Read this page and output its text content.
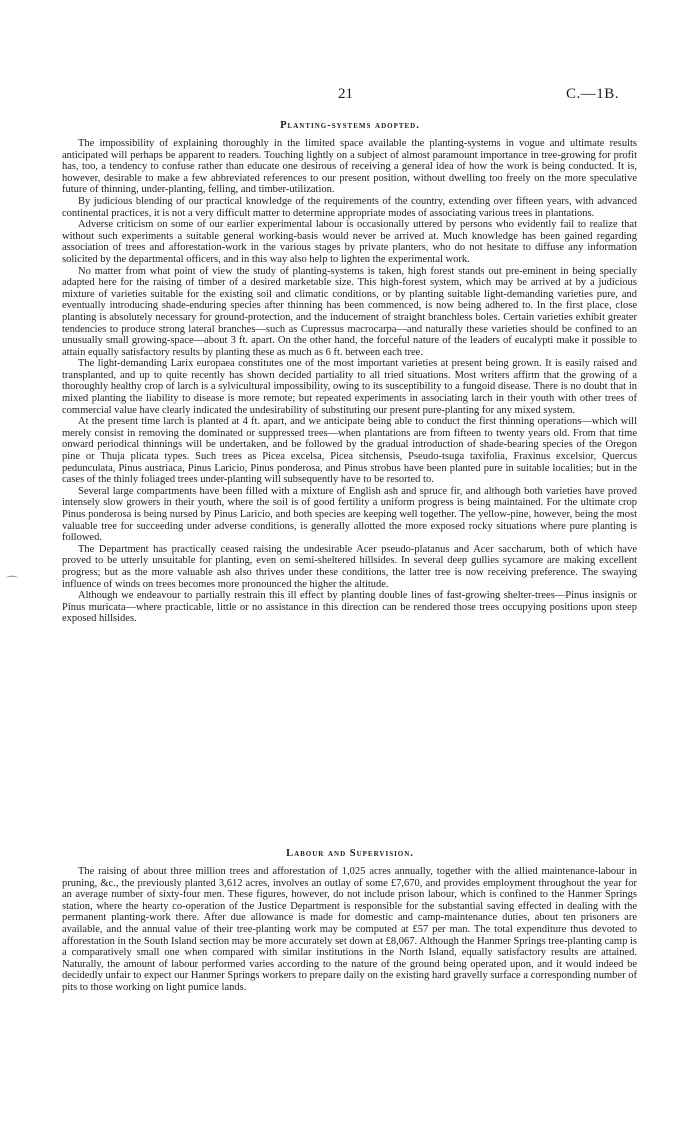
21	C.—1B.
Planting-systems adopted.

The impossibility of explaining thoroughly in the limited space available the planting-systems in vogue and ultimate results anticipated will perhaps be apparent to readers. Touching lightly on a subject of almost paramount importance in tree-growing for profit has, too, a tendency to confuse rather than educate one desirous of receiving a general idea of how the work is being conducted. It is, however, desirable to make a few abbreviated references to our present position, without dwelling too freely on the more speculative future of thinning, under-planting, felling, and timber-utilization.

By judicious blending of our practical knowledge of the requirements of the country, extending over fifteen years, with advanced continental practices, it is not a very difficult matter to determine appropriate modes of associating various trees in plantations.

Adverse criticism on some of our earlier experimental labour is occasionally uttered by persons who evidently fail to realize that without such experiments a suitable general working-basis would never be arrived at. Much knowledge has been gained regarding association of trees and afforestation-work in the various stages by private planters, who do not hesitate to diffuse any information solicited by the departmental officers, and in this way also help to lighten the experimental work.

No matter from what point of view the study of planting-systems is taken, high forest stands out pre-eminent in being specially adapted here for the raising of timber of a desired marketable size. This high-forest system, which may be arrived at by a judicious mixture of varieties suitable for the existing soil and climatic conditions, or by planting suitable light-demanding varieties pure, and eventually introducing shade-enduring species after thinning has been commenced, is now being adhered to. In the first place, close planting is absolutely necessary for ground-protection, and the inducement of straight branchless boles. Certain varieties exhibit greater tendencies to produce strong lateral branches—such as Cupressus macrocarpa—and naturally these varieties should be confined to an unusually small growing-space—about 3 ft. apart. On the other hand, the forceful nature of the leaders of eucalypti make it possible to attain equally satisfactory results by planting these as much as 6 ft. between each tree.

The light-demanding Larix europaea constitutes one of the most important varieties at present being grown. It is easily raised and transplanted, and up to quite recently has shown decided partiality to all tried situations. Most writers affirm that the growing of a thoroughly healthy crop of larch is a sylvicultural impossibility, owing to its susceptibility to a fungoid disease. There is no doubt that in mixed planting the liability to disease is more remote; but repeated experiments in associating larch in their youth with other trees of commercial value have clearly indicated the undesirability of substituting our present pure-planting for any mixed system.

At the present time larch is planted at 4 ft. apart, and we anticipate being able to conduct the first thinning operations—which will merely consist in removing the dominated or suppressed trees—when plantations are from fifteen to twenty years old. From that time onward periodical thinnings will be undertaken, and be followed by the gradual introduction of shade-bearing species of the Oregon pine or Thuja plicata types. Such trees as Picea excelsa, Picea sitchensis, Pseudo-tsuga taxifolia, Fraxinus excelsior, Quercus pedunculata, Pinus austriaca, Pinus Laricio, Pinus ponderosa, and Pinus strobus have been planted pure in suitable localities; but in the cases of the thinly foliaged trees under-planting will subsequently have to be resorted to.

Several large compartments have been filled with a mixture of English ash and spruce fir, and although both varieties have proved intensely slow growers in their youth, where the soil is of good fertility a uniform progress is being maintained. For the ultimate crop Pinus ponderosa is being nursed by Pinus Laricio, and both species are keeping well together. The yellow-pine, however, being the most valuable tree for succeeding under adverse conditions, is generally allotted the more exposed rocky situations where pure planting is followed.

The Department has practically ceased raising the undesirable Acer pseudo-platanus and Acer saccharum, both of which have proved to be utterly unsuitable for planting, even on semi-sheltered hillsides. In several deep gullies sycamore are making excellent progress; but as the more valuable ash also thrives under these conditions, the latter tree is now receiving preference. The swaying influence of winds on trees becomes more pronounced the higher the altitude.

Although we endeavour to partially restrain this ill effect by planting double lines of fast-growing shelter-trees—Pinus insignis or Pinus muricata—where practicable, little or no assistance in this direction can be rendered those trees occupying positions upon steep exposed hillsides.

Labour and Supervision.

The raising of about three million trees and afforestation of 1,025 acres annually, together with the allied maintenance-labour in pruning, &c., the previously planted 3,612 acres, involves an outlay of some £7,670, and provides employment throughout the year for an average number of sixty-four men. These figures, however, do not include prison labour, which is confined to the Hanmer Springs station, where the hearty co-operation of the Justice Department is responsible for the substantial saving effected in dealing with the permanent planting-work there. After due allowance is made for domestic and camp-maintenance duties, about ten prisoners are available, and the annual value of their tree-planting work may be computed at £57 per man. The total expenditure thus devoted to afforestation in the South Island section may be more accurately set down at £8,067. Although the Hanmer Springs tree-planting camp is a comparatively small one when compared with similar institutions in the North Island, equally satisfactory results are attained. Naturally, the amount of labour performed varies according to the nature of the ground being operated upon, and it would indeed be decidedly unfair to expect our Hanmer Springs workers to prepare daily on the existing hard gravelly surface a corresponding number of pits to those working on light pumice lands.

⌒
